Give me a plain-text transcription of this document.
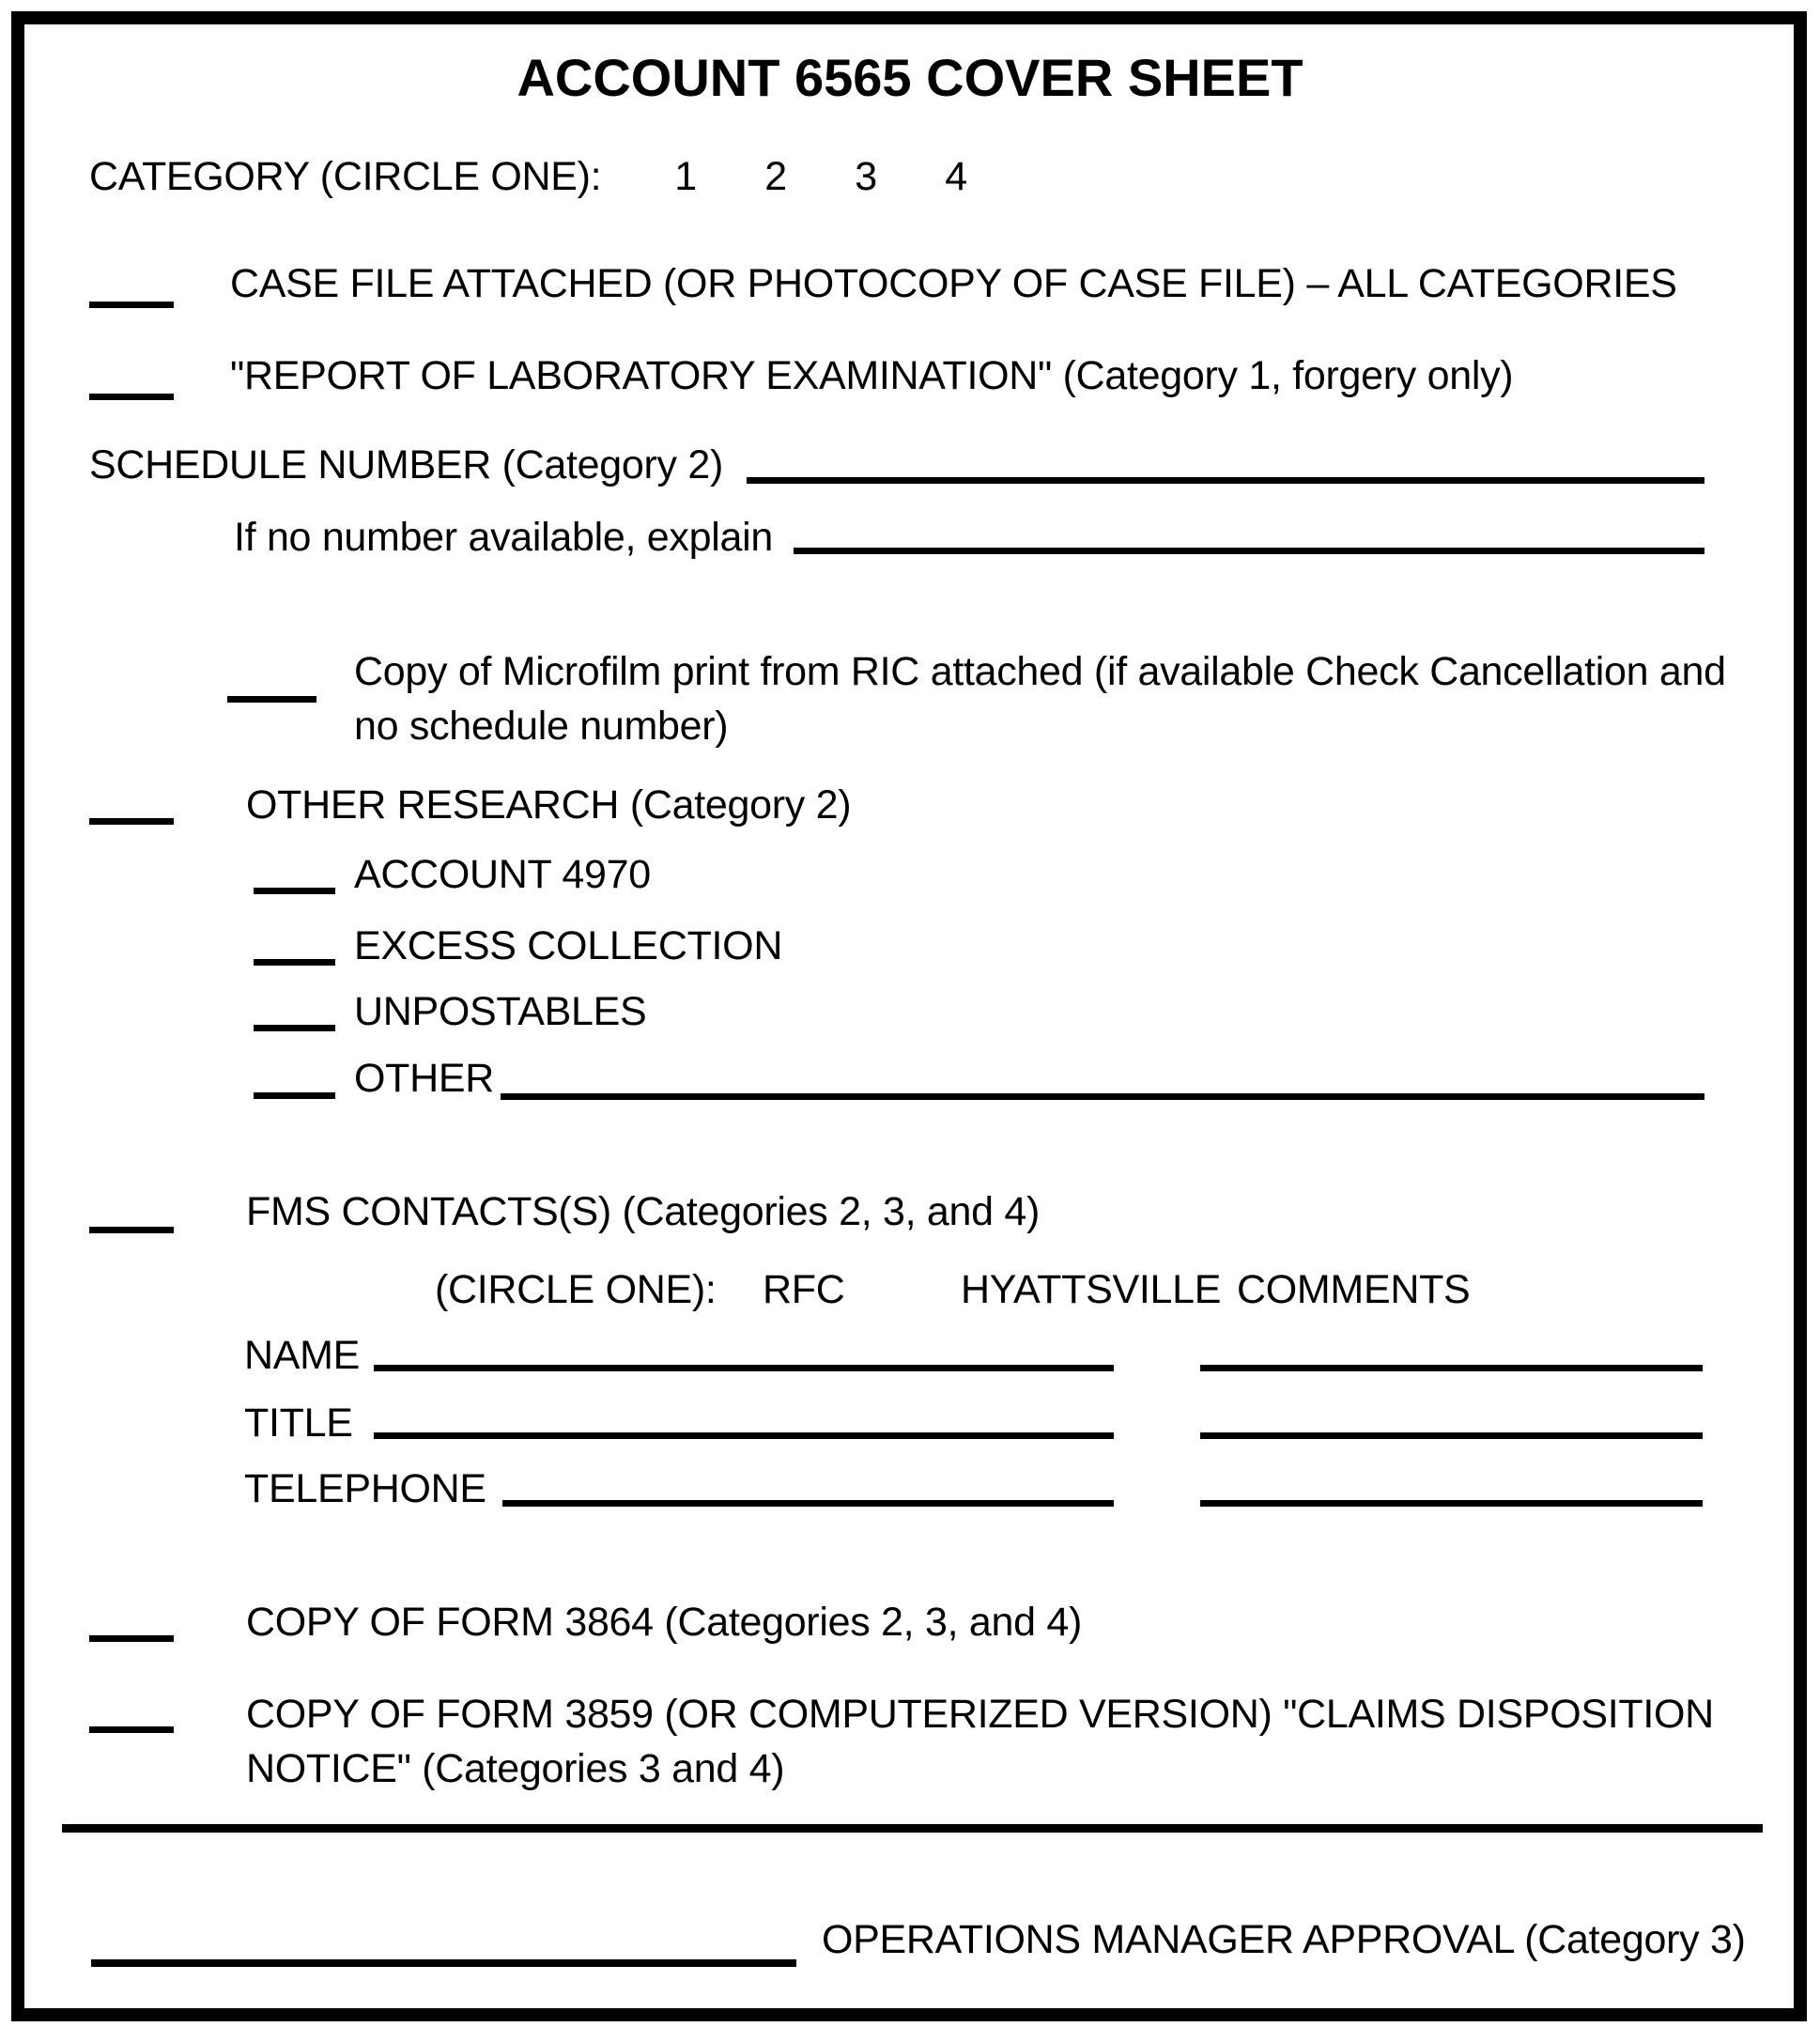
ACCOUNT 6565 COVER SHEET
CATEGORY (CIRCLE ONE): 1 2 3 4
CASE FILE ATTACHED (OR PHOTOCOPY OF CASE FILE) – ALL CATEGORIES
"REPORT OF LABORATORY EXAMINATION" (Category 1, forgery only)
SCHEDULE NUMBER (Category 2)
If no number available, explain
Copy of Microfilm print from RIC attached (if available Check Cancellation and
no schedule number)
OTHER RESEARCH (Category 2)
ACCOUNT 4970
EXCESS COLLECTION
UNPOSTABLES
OTHER
FMS CONTACTS(S) (Categories 2, 3, and 4)
(CIRCLE ONE): RFC	HYATTSVILLE COMMENTS
NAME
TITLE
TELEPHONE
COPY OF FORM 3864 (Categories 2, 3, and 4)
COPY OF FORM 3859 (OR COMPUTERIZED VERSION) "CLAIMS DISPOSITION
NOTICE" (Categories 3 and 4)
OPERATIONS MANAGER APPROVAL (Category 3)
